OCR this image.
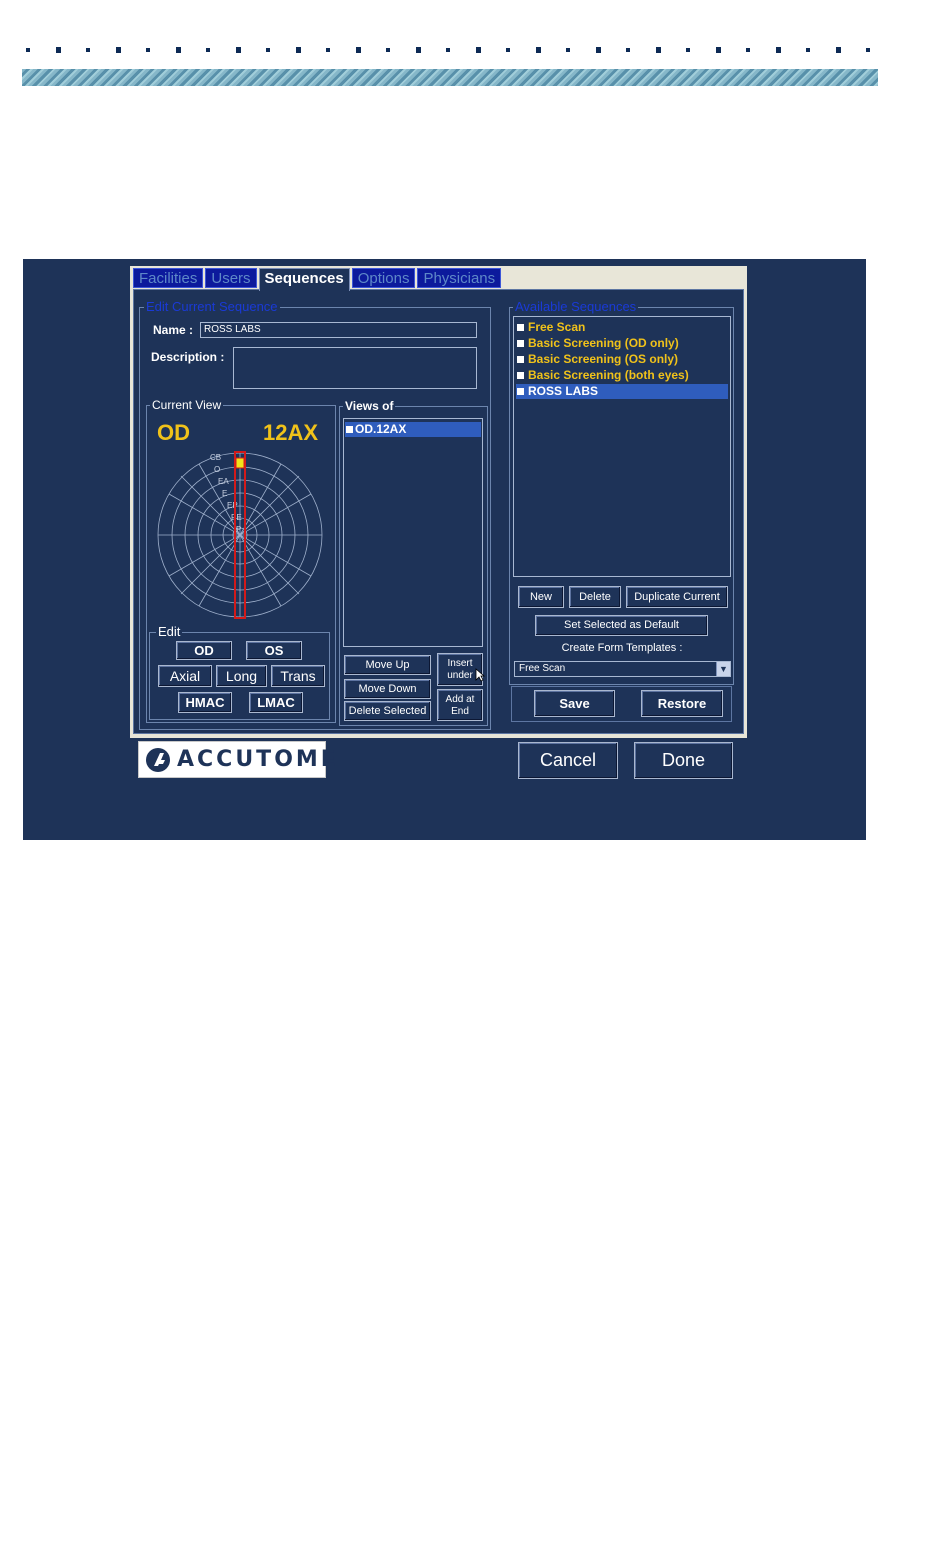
Facilities Users Sequences Options Physicians
Edit Current Sequence
Name :	ROSS LABS
Description :
Current View
OD	12AX
CB
O
EA
E
EP
PE
P
Edit
OD	OS
Axial	Long	Trans
HMAC	LMAC
Views of
OD.12AX
Move Up
Move Down
Delete Selected
Insert
under
Add at
End
Available Sequences
Free Scan
Basic Screening (OD only)
Basic Screening (OS only)
Basic Screening (both eyes)
ROSS LABS
New	Delete	Duplicate Current
Set Selected as Default
Create Form Templates :
Free Scan	▼
Save	Restore
ACCUTOME	Cancel	Done
